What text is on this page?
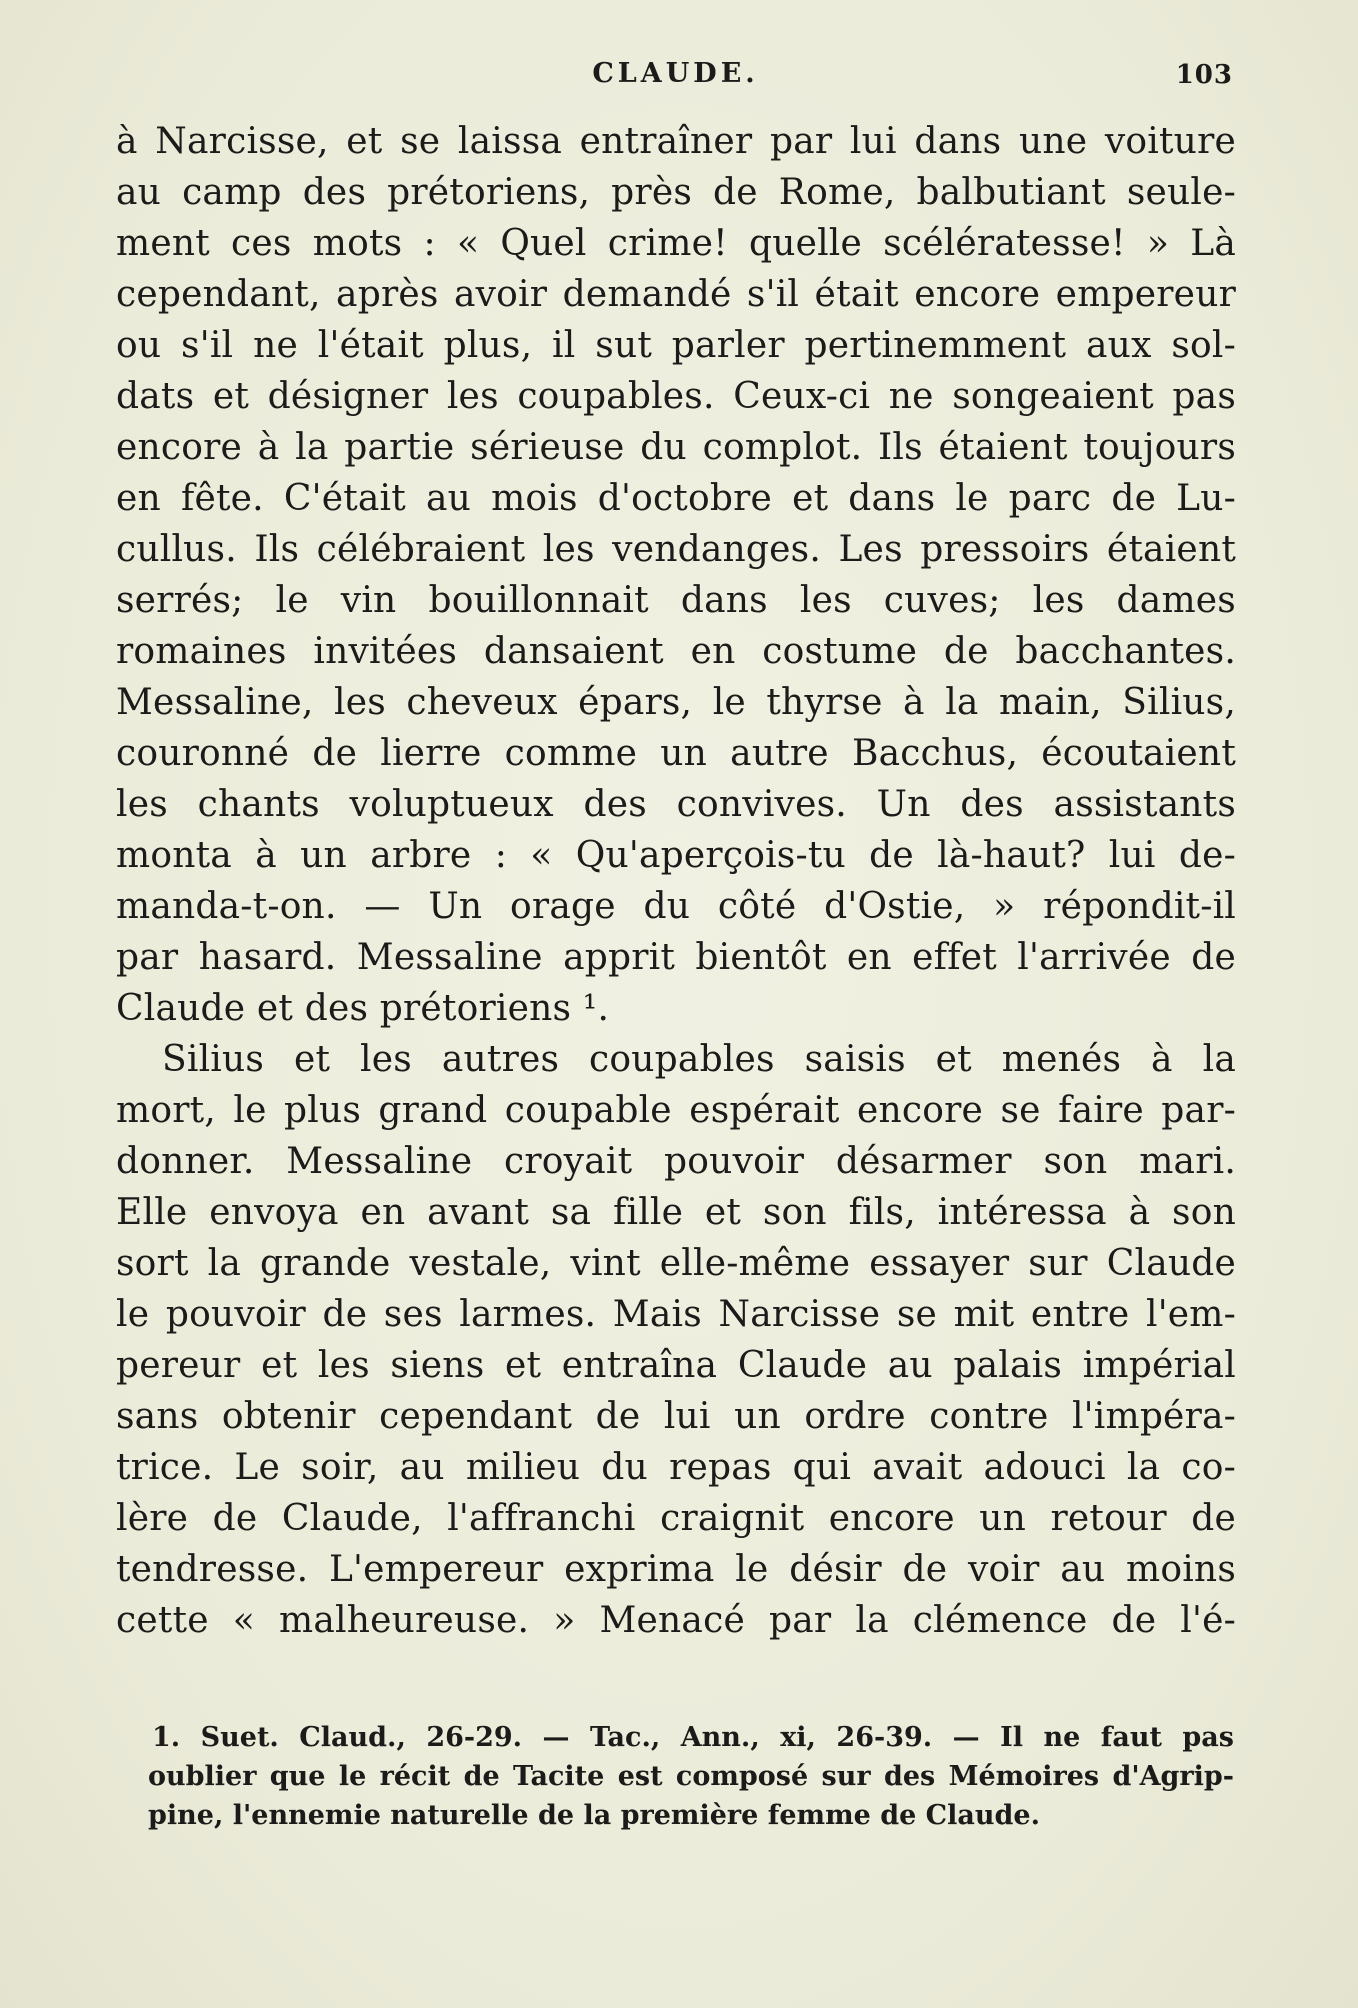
CLAUDE.	103
à Narcisse, et se laissa entraîner par lui dans une voiture
au camp des prétoriens, près de Rome, balbutiant seule-
ment ces mots : « Quel crime! quelle scélératesse! » Là
cependant, après avoir demandé s'il était encore empereur
ou s'il ne l'était plus, il sut parler pertinemment aux sol-
dats et désigner les coupables. Ceux-ci ne songeaient pas
encore à la partie sérieuse du complot. Ils étaient toujours
en fête. C'était au mois d'octobre et dans le parc de Lu-
cullus. Ils célébraient les vendanges. Les pressoirs étaient
serrés; le vin bouillonnait dans les cuves; les dames
romaines invitées dansaient en costume de bacchantes.
Messaline, les cheveux épars, le thyrse à la main, Silius,
couronné de lierre comme un autre Bacchus, écoutaient
les chants voluptueux des convives. Un des assistants
monta à un arbre : « Qu'aperçois-tu de là-haut? lui de-
manda-t-on. — Un orage du côté d'Ostie, » répondit-il
par hasard. Messaline apprit bientôt en effet l'arrivée de
Claude et des prétoriens ¹.
Silius et les autres coupables saisis et menés à la
mort, le plus grand coupable espérait encore se faire par-
donner. Messaline croyait pouvoir désarmer son mari.
Elle envoya en avant sa fille et son fils, intéressa à son
sort la grande vestale, vint elle-même essayer sur Claude
le pouvoir de ses larmes. Mais Narcisse se mit entre l'em-
pereur et les siens et entraîna Claude au palais impérial
sans obtenir cependant de lui un ordre contre l'impéra-
trice. Le soir, au milieu du repas qui avait adouci la co-
lère de Claude, l'affranchi craignit encore un retour de
tendresse. L'empereur exprima le désir de voir au moins
cette « malheureuse. » Menacé par la clémence de l'é-
1. Suet. Claud., 26-29. — Tac., Ann., xi, 26-39. — Il ne faut pas
oublier que le récit de Tacite est composé sur des Mémoires d'Agrip-
pine, l'ennemie naturelle de la première femme de Claude.
